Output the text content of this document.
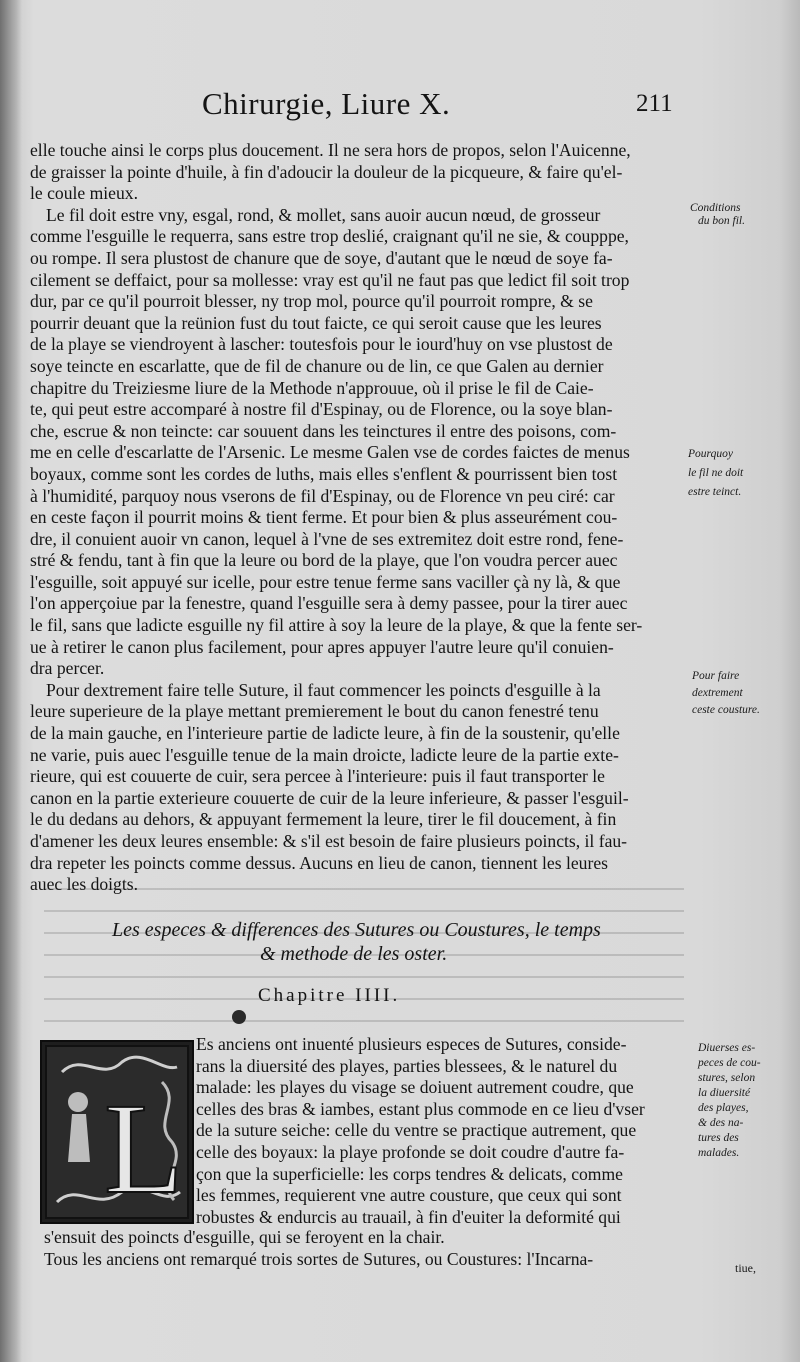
Chirurgie, Liure X.	211
elle touche ainsi le corps plus doucement. Il ne sera hors de propos, selon l'Auicenne,
de graisser la pointe d'huile, à fin d'adoucir la douleur de la picqueure, & faire qu'el-
le coule mieux.
Le fil doit estre vny, esgal, rond, & mollet, sans auoir aucun nœud, de grosseur
comme l'esguille le requerra, sans estre trop deslié, craignant qu'il ne sie, & coupppe,
ou rompe. Il sera plustost de chanure que de soye, d'autant que le nœud de soye fa-
cilement se deffaict, pour sa mollesse: vray est qu'il ne faut pas que ledict fil soit trop
dur, par ce qu'il pourroit blesser, ny trop mol, pource qu'il pourroit rompre, & se
pourrir deuant que la reünion fust du tout faicte, ce qui seroit cause que les leures
de la playe se viendroyent à lascher: toutesfois pour le iourd'huy on vse plustost de
soye teincte en escarlatte, que de fil de chanure ou de lin, ce que Galen au dernier
chapitre du Treiziesme liure de la Methode n'approuue, où il prise le fil de Caie-
te, qui peut estre accomparé à nostre fil d'Espinay, ou de Florence, ou la soye blan-
che, escrue & non teincte: car souuent dans les teinctures il entre des poisons, com-
me en celle d'escarlatte de l'Arsenic. Le mesme Galen vse de cordes faictes de menus
boyaux, comme sont les cordes de luths, mais elles s'enflent & pourrissent bien tost
à l'humidité, parquoy nous vserons de fil d'Espinay, ou de Florence vn peu ciré: car
en ceste façon il pourrit moins & tient ferme. Et pour bien & plus asseurément cou-
dre, il conuient auoir vn canon, lequel à l'vne de ses extremitez doit estre rond, fene-
stré & fendu, tant à fin que la leure ou bord de la playe, que l'on voudra percer auec
l'esguille, soit appuyé sur icelle, pour estre tenue ferme sans vaciller çà ny là, & que
l'on apperçoiue par la fenestre, quand l'esguille sera à demy passee, pour la tirer auec
le fil, sans que ladicte esguille ny fil attire à soy la leure de la playe, & que la fente ser-
ue à retirer le canon plus facilement, pour apres appuyer l'autre leure qu'il conuien-
dra percer.
Pour dextrement faire telle Suture, il faut commencer les poincts d'esguille à la
leure superieure de la playe mettant premierement le bout du canon fenestré tenu
de la main gauche, en l'interieure partie de ladicte leure, à fin de la soustenir, qu'elle
ne varie, puis auec l'esguille tenue de la main droicte, ladicte leure de la partie exte-
rieure, qui est couuerte de cuir, sera percee à l'interieure: puis il faut transporter le
canon en la partie exterieure couuerte de cuir de la leure inferieure, & passer l'esguil-
le du dedans au dehors, & appuyant fermement la leure, tirer le fil doucement, à fin
d'amener les deux leures ensemble: & s'il est besoin de faire plusieurs poincts, il fau-
dra repeter les poincts comme dessus. Aucuns en lieu de canon, tiennent les leures
auec les doigts.
Conditions
du bon fil.
Pourquoy
le fil ne doit
estre teinct.
Pour faire
dextrement
ceste cousture.
Diuerses es-
peces de cou-
stures, selon
la diuersité
des playes,
& des na-
tures des
malades.
Les especes & differences des Sutures ou Coustures, le temps
& methode de les oster.
Chapitre IIII.
L
Es anciens ont inuenté plusieurs especes de Sutures, conside-
rans la diuersité des playes, parties blessees, & le naturel du
malade: les playes du visage se doiuent autrement coudre, que
celles des bras & iambes, estant plus commode en ce lieu d'vser
de la suture seiche: celle du ventre se practique autrement, que
celle des boyaux: la playe profonde se doit coudre d'autre fa-
çon que la superficielle: les corps tendres & delicats, comme
les femmes, requierent vne autre cousture, que ceux qui sont
robustes & endurcis au trauail, à fin d'euiter la deformité qui
s'ensuit des poincts d'esguille, qui se feroyent en la chair.
Tous les anciens ont remarqué trois sortes de Sutures, ou Coustures: l'Incarna-	tiue,
